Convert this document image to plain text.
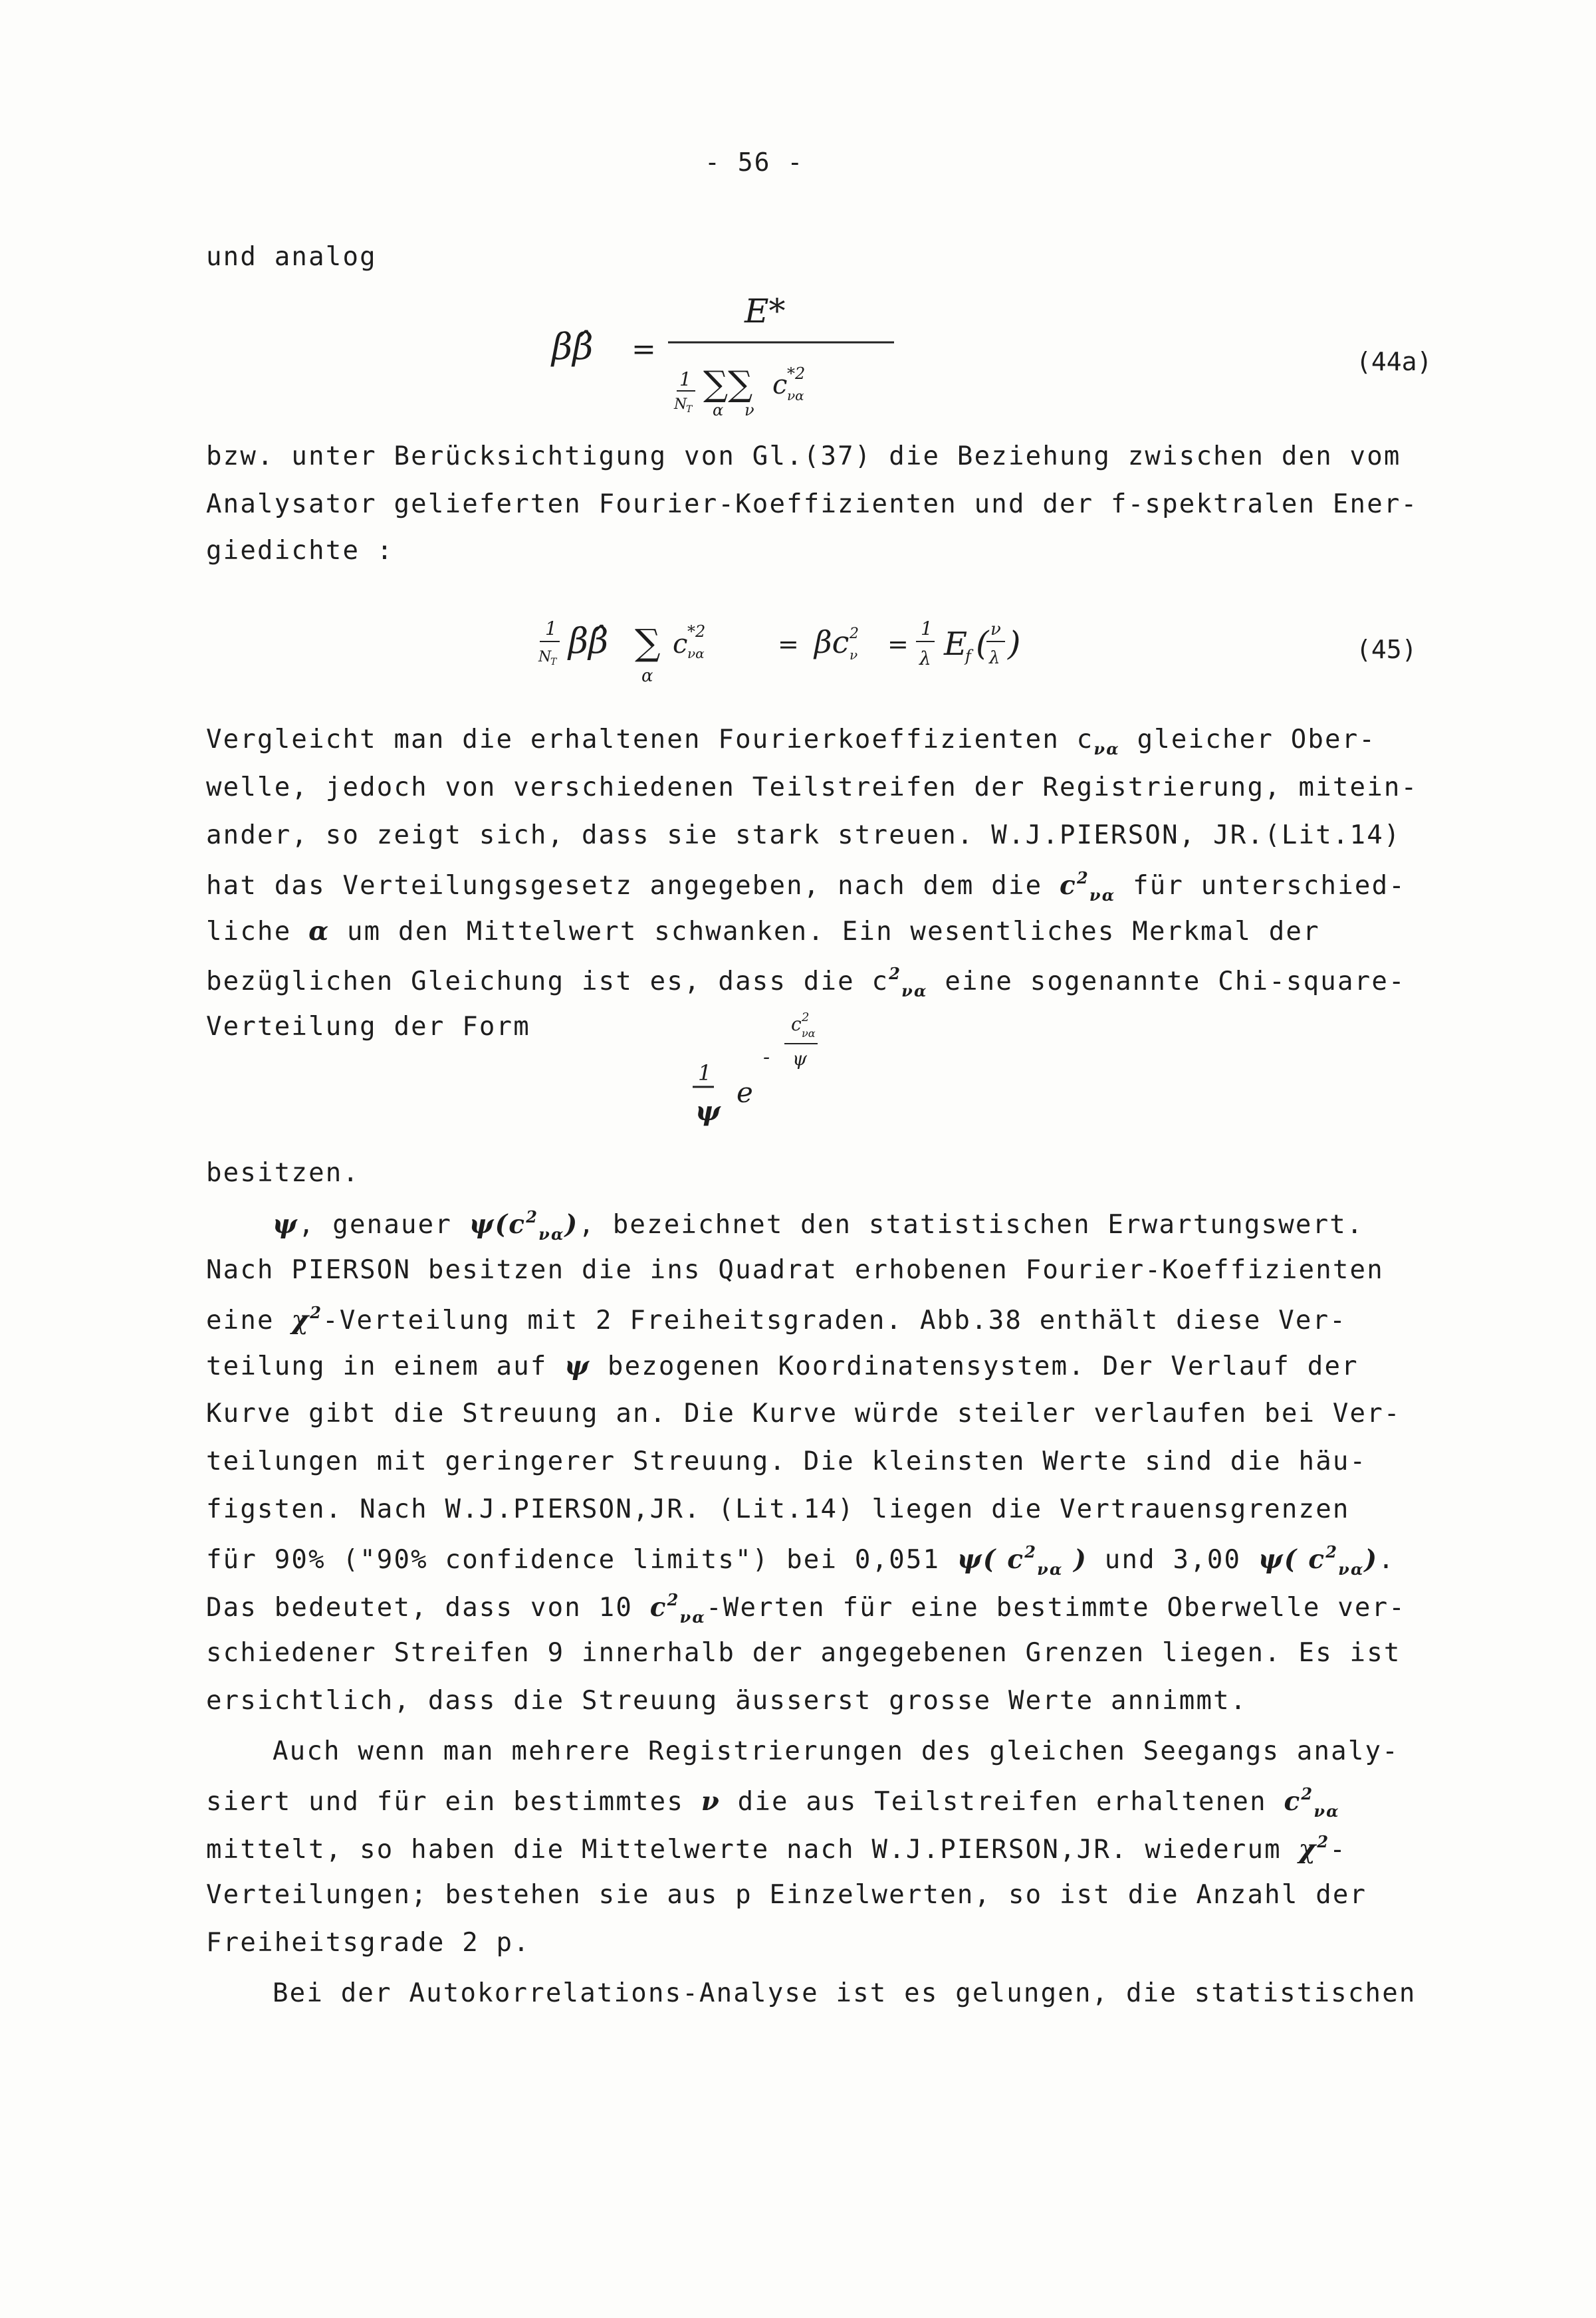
- 56 -
und analog
ββ̂ =
E*
1
N
T
∑∑
α ν
c *2
να
(44a)
bzw. unter Berücksichtigung von Gl.(37) die Beziehung zwischen den vom
Analysator gelieferten Fourier-Koeffizienten und der f-spektralen Ener-
giedichte :
1
N
T
ββ̂ ∑
α
c *2
να	= βc 2
ν =
1
λ E
f ( ν
λ )	(45)
Vergleicht man die erhaltenen Fourierkoeffizienten $c_{\nu\alpha}$ gleicher Ober-
welle, jedoch von verschiedenen Teilstreifen der Registrierung, mitein-
ander, so zeigt sich, dass sie stark streuen. W.J.PIERSON, JR.(Lit.14)
hat das Verteilungsgesetz angegeben, nach dem die $c^2_{\nu\alpha}$ für unterschied-
liche α um den Mittelwert schwanken. Ein wesentliches Merkmal der
bezüglichen Gleichung ist es, dass die $c^2_{\nu\alpha}$ eine sogenannte Chi-square-
Verteilung der Form
1
ψ
e
-
c 2
να
ψ
besitzen.
ψ, genauer $\psi(c^2_{\nu\alpha})$, bezeichnet den statistischen Erwartungswert.
Nach PIERSON besitzen die ins Quadrat erhobenen Fourier-Koeffizienten
eine $\chi^2$-Verteilung mit 2 Freiheitsgraden. Abb.38 enthält diese Ver-
teilung in einem auf ψ bezogenen Koordinatensystem. Der Verlauf der
Kurve gibt die Streuung an. Die Kurve würde steiler verlaufen bei Ver-
teilungen mit geringerer Streuung. Die kleinsten Werte sind die häu-
figsten. Nach W.J.PIERSON,JR. (Lit.14) liegen die Vertrauensgrenzen
für 90% ("90% confidence limits") bei 0,051 ψ( $c^2_{\nu\alpha}$ ) und 3,00 ψ( $c^2_{\nu\alpha}$).
Das bedeutet, dass von 10 $c^2_{\nu\alpha}$-Werten für eine bestimmte Oberwelle ver-
schiedener Streifen 9 innerhalb der angegebenen Grenzen liegen. Es ist
ersichtlich, dass die Streuung äusserst grosse Werte annimmt.
Auch wenn man mehrere Registrierungen des gleichen Seegangs analy-
siert und für ein bestimmtes ν die aus Teilstreifen erhaltenen $c^2_{\nu\alpha}$
mittelt, so haben die Mittelwerte nach W.J.PIERSON,JR. wiederum $\chi^2-$
Verteilungen; bestehen sie aus p Einzelwerten, so ist die Anzahl der
Freiheitsgrade 2 p.
Bei der Autokorrelations-Analyse ist es gelungen, die statistischen
